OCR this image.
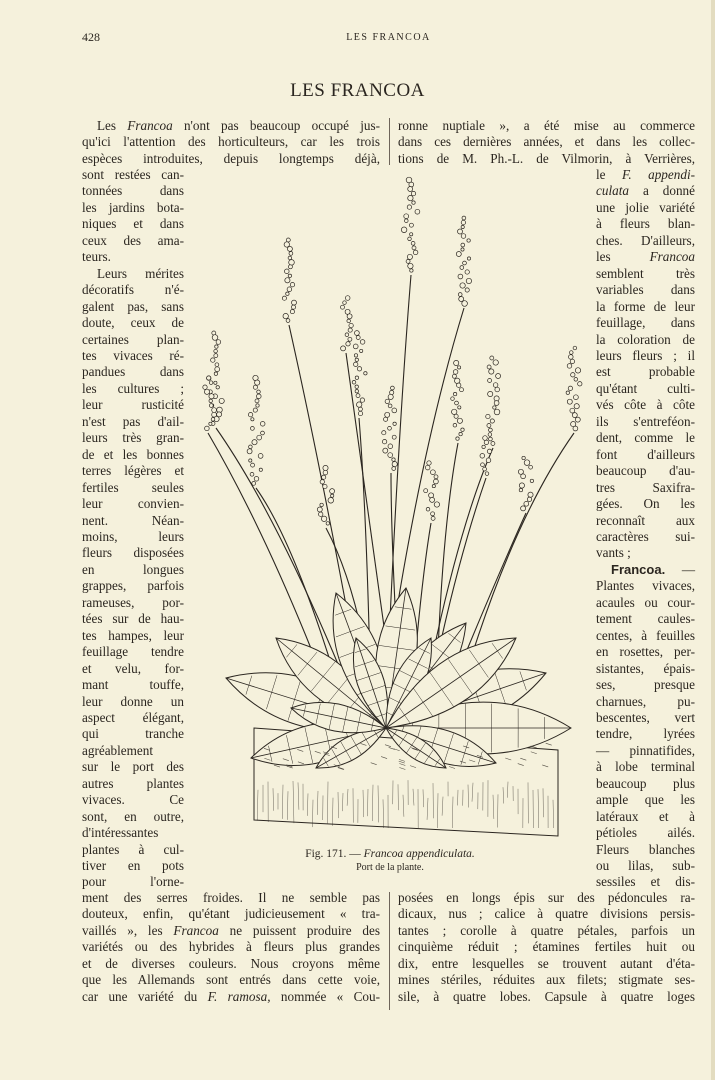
428	LES FRANCOA
LES FRANCOA

Les Francoa n'ont pas beaucoup occupé jus-

qu'ici l'attention des horticulteurs, car les trois

espèces introduites, depuis longtemps déjà,

sont restées can-

tonnées dans

les jardins bota-

niques et dans

ceux des ama-

teurs.

Leurs mérites

décoratifs n'é-

galent pas, sans

doute, ceux de

certaines plan-

tes vivaces ré-

pandues dans

les cultures ;

leur rusticité

n'est pas d'ail-

leurs très gran-

de et les bonnes

terres légères et

fertiles seules

leur convien-

nent. Néan-

moins, leurs

fleurs disposées

en longues

grappes, parfois

rameuses, por-

tées sur de hau-

tes hampes, leur

feuillage tendre

et velu, for-

mant touffe,

leur donne un

aspect élégant,

qui tranche

agréablement

sur le port des

autres plantes

vivaces. Ce

sont, en outre,

d'intéressantes

plantes à cul-

tiver en pots

pour l'orne-

ment des serres froides. Il ne semble pas

douteux, enfin, qu'étant judicieusement « tra-

vaillés », les Francoa ne puissent produire des

variétés ou des hybrides à fleurs plus grandes

et de diverses couleurs. Nous croyons même

que les Allemands sont entrés dans cette voie,

car une variété du F. ramosa, nommée « Cou-

ronne nuptiale », a été mise au commerce

dans ces dernières années, et dans les collec-

tions de M. Ph.-L. de Vilmorin, à Verrières,

le F. appendi-

culata a donné

une jolie variété

à fleurs blan-

ches. D'ailleurs,

les Francoa

semblent très

variables dans

la forme de leur

feuillage, dans

la coloration de

leurs fleurs ; il

est probable

qu'étant culti-

vés côte à côte

ils s'entreféon-

dent, comme le

font d'ailleurs

beaucoup d'au-

tres Saxifra-

gées. On les

reconnaît aux

caractères sui-

vants ;

Francoa. —

Plantes vivaces,

acaules ou cour-

tement caules-

centes, à feuilles

en rosettes, per-

sistantes, épais-

ses, presque

charnues, pu-

bescentes, vert

tendre, lyrées

— pinnatifides,

à lobe terminal

beaucoup plus

ample que les

latéraux et à

pétioles ailés.

Fleurs blanches

ou lilas, sub-

sessiles et dis-

posées en longs épis sur des pédoncules ra-

dicaux, nus ; calice à quatre divisions persis-

tantes ; corolle à quatre pétales, parfois un

cinquième réduit ; étamines fertiles huit ou

dix, entre lesquelles se trouvent autant d'éta-

mines stériles, réduites aux filets; stigmate ses-

sile, à quatre lobes. Capsule à quatre loges

Fig. 171. — Francoa appendiculata.
Port de la plante.
